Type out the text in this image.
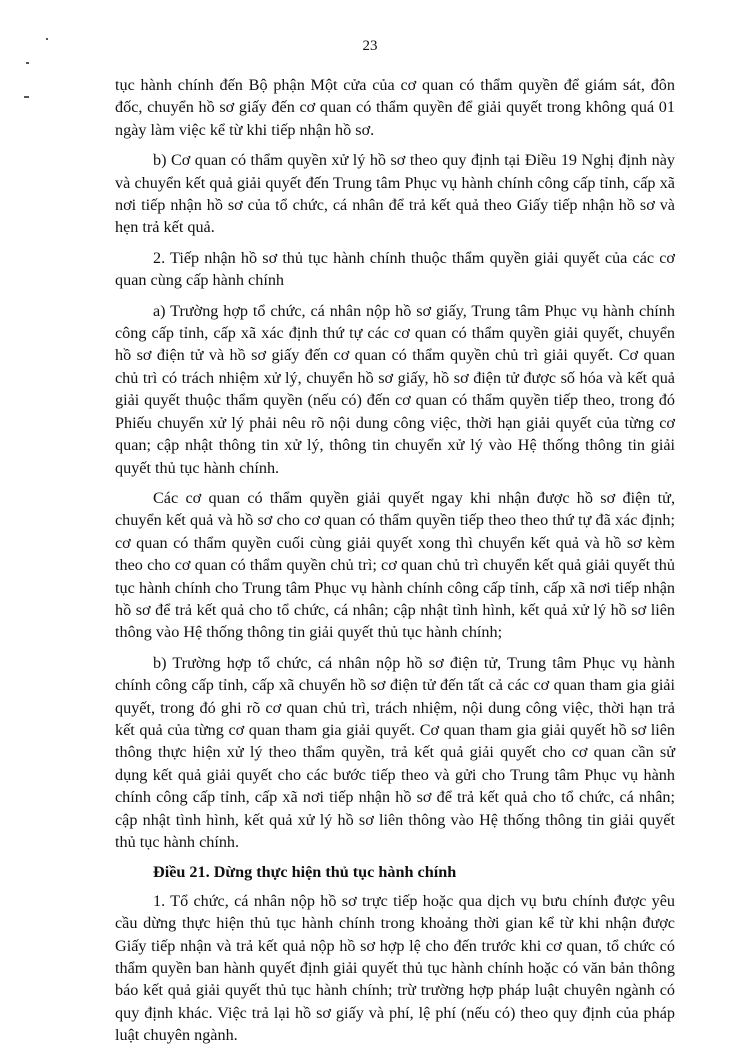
23

tục hành chính đến Bộ phận Một cửa của cơ quan có thẩm quyền để giám sát, đôn đốc, chuyển hồ sơ giấy đến cơ quan có thẩm quyền để giải quyết trong không quá 01 ngày làm việc kể từ khi tiếp nhận hồ sơ.

b) Cơ quan có thẩm quyền xử lý hồ sơ theo quy định tại Điều 19 Nghị định này và chuyển kết quả giải quyết đến Trung tâm Phục vụ hành chính công cấp tỉnh, cấp xã nơi tiếp nhận hồ sơ của tổ chức, cá nhân để trả kết quả theo Giấy tiếp nhận hồ sơ và hẹn trả kết quả.

2. Tiếp nhận hồ sơ thủ tục hành chính thuộc thẩm quyền giải quyết của các cơ quan cùng cấp hành chính

a) Trường hợp tổ chức, cá nhân nộp hồ sơ giấy, Trung tâm Phục vụ hành chính công cấp tỉnh, cấp xã xác định thứ tự các cơ quan có thẩm quyền giải quyết, chuyển hồ sơ điện tử và hồ sơ giấy đến cơ quan có thẩm quyền chủ trì giải quyết. Cơ quan chủ trì có trách nhiệm xử lý, chuyển hồ sơ giấy, hồ sơ điện tử được số hóa và kết quả giải quyết thuộc thẩm quyền (nếu có) đến cơ quan có thẩm quyền tiếp theo, trong đó Phiếu chuyển xử lý phải nêu rõ nội dung công việc, thời hạn giải quyết của từng cơ quan; cập nhật thông tin xử lý, thông tin chuyển xử lý vào Hệ thống thông tin giải quyết thủ tục hành chính.

Các cơ quan có thẩm quyền giải quyết ngay khi nhận được hồ sơ điện tử, chuyển kết quả và hồ sơ cho cơ quan có thẩm quyền tiếp theo theo thứ tự đã xác định; cơ quan có thẩm quyền cuối cùng giải quyết xong thì chuyển kết quả và hồ sơ kèm theo cho cơ quan có thẩm quyền chủ trì; cơ quan chủ trì chuyển kết quả giải quyết thủ tục hành chính cho Trung tâm Phục vụ hành chính công cấp tỉnh, cấp xã nơi tiếp nhận hồ sơ để trả kết quả cho tổ chức, cá nhân; cập nhật tình hình, kết quả xử lý hồ sơ liên thông vào Hệ thống thông tin giải quyết thủ tục hành chính;

b) Trường hợp tổ chức, cá nhân nộp hồ sơ điện tử, Trung tâm Phục vụ hành chính công cấp tỉnh, cấp xã chuyển hồ sơ điện tử đến tất cả các cơ quan tham gia giải quyết, trong đó ghi rõ cơ quan chủ trì, trách nhiệm, nội dung công việc, thời hạn trả kết quả của từng cơ quan tham gia giải quyết. Cơ quan tham gia giải quyết hồ sơ liên thông thực hiện xử lý theo thẩm quyền, trả kết quả giải quyết cho cơ quan cần sử dụng kết quả giải quyết cho các bước tiếp theo và gửi cho Trung tâm Phục vụ hành chính công cấp tỉnh, cấp xã nơi tiếp nhận hồ sơ để trả kết quả cho tổ chức, cá nhân; cập nhật tình hình, kết quả xử lý hồ sơ liên thông vào Hệ thống thông tin giải quyết thủ tục hành chính.

Điều 21. Dừng thực hiện thủ tục hành chính

1. Tổ chức, cá nhân nộp hồ sơ trực tiếp hoặc qua dịch vụ bưu chính được yêu cầu dừng thực hiện thủ tục hành chính trong khoảng thời gian kể từ khi nhận được Giấy tiếp nhận và trả kết quả nộp hồ sơ hợp lệ cho đến trước khi cơ quan, tổ chức có thẩm quyền ban hành quyết định giải quyết thủ tục hành chính hoặc có văn bản thông báo kết quả giải quyết thủ tục hành chính; trừ trường hợp pháp luật chuyên ngành có quy định khác. Việc trả lại hồ sơ giấy và phí, lệ phí (nếu có) theo quy định của pháp luật chuyên ngành.
